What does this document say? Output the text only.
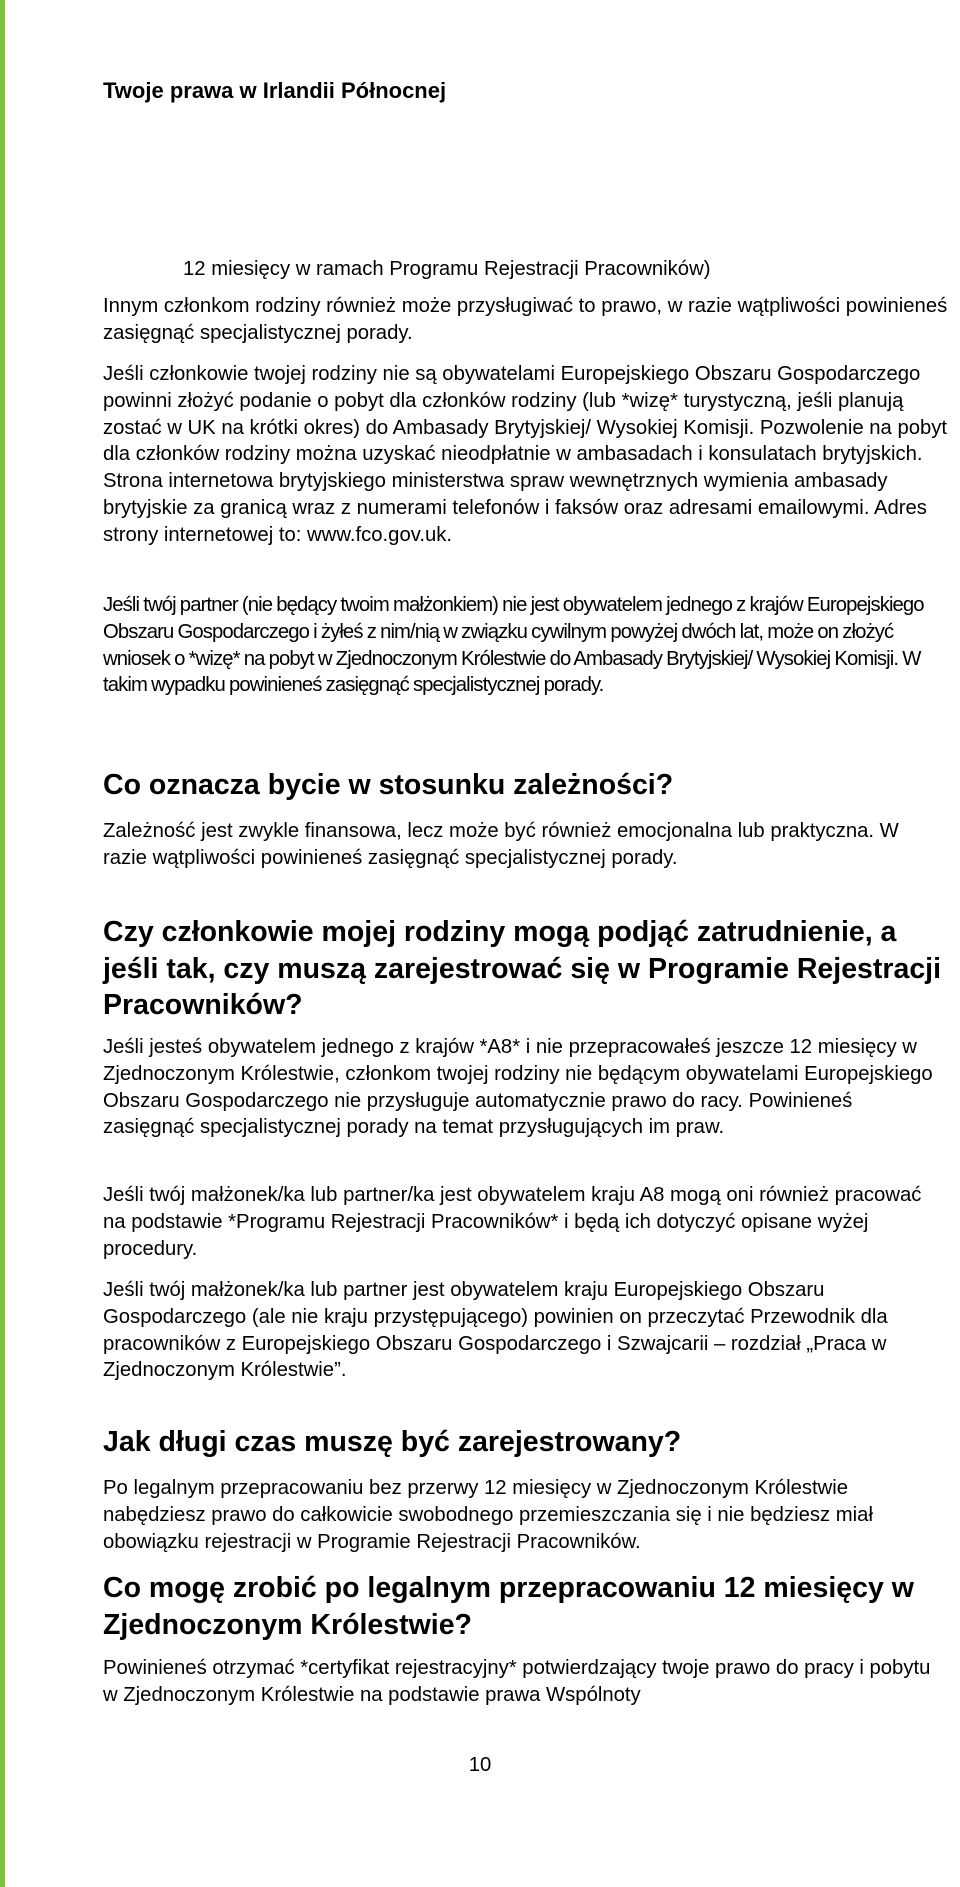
Twoje prawa w Irlandii Północnej

12 miesięcy w ramach Programu Rejestracji Pracowników)

Innym członkom rodziny również może przysługiwać to prawo, w razie wątpliwości powinieneś zasięgnąć specjalistycznej porady.

Jeśli członkowie twojej rodziny nie są obywatelami Europejskiego Obszaru Gospodarczego powinni złożyć podanie o pobyt dla członków rodziny (lub *wizę* turystyczną, jeśli planują zostać w UK na krótki okres) do Ambasady Brytyjskiej/ Wysokiej Komisji. Pozwolenie na pobyt dla członków rodziny można uzyskać nieodpłatnie w ambasadach i konsulatach brytyjskich. Strona internetowa brytyjskiego ministerstwa spraw wewnętrznych wymienia ambasady brytyjskie za granicą wraz z numerami telefonów i faksów oraz adresami emailowymi. Adres strony internetowej to: www.fco.gov.uk.

Jeśli twój partner (nie będący twoim małżonkiem) nie jest obywatelem jednego z krajów Europejskiego Obszaru Gospodarczego i żyłeś z nim/nią w związku cywilnym powyżej dwóch lat, może on złożyć wniosek o *wizę* na pobyt w Zjednoczonym Królestwie do Ambasady Brytyjskiej/ Wysokiej Komisji. W takim wypadku powinieneś zasięgnąć specjalistycznej porady.

Co oznacza bycie w stosunku zależności?

Zależność jest zwykle finansowa, lecz może być również emocjonalna lub praktyczna. W razie wątpliwości powinieneś zasięgnąć specjalistycznej porady.

Czy członkowie mojej rodziny mogą podjąć zatrudnienie, a jeśli tak, czy muszą zarejestrować się w Programie Rejestracji Pracowników?

Jeśli jesteś obywatelem jednego z krajów *A8* i nie przepracowałeś jeszcze 12 miesięcy w Zjednoczonym Królestwie, członkom twojej rodziny nie będącym obywatelami Europejskiego Obszaru Gospodarczego nie przysługuje automatycznie prawo do racy. Powinieneś zasięgnąć specjalistycznej porady na temat przysługujących im praw.

Jeśli twój małżonek/ka lub partner/ka jest obywatelem kraju A8 mogą oni również pracować na podstawie *Programu Rejestracji Pracowników* i będą ich dotyczyć opisane wyżej procedury.

Jeśli twój małżonek/ka lub partner jest obywatelem kraju Europejskiego Obszaru Gospodarczego (ale nie kraju przystępującego) powinien on przeczytać Przewodnik dla pracowników z Europejskiego Obszaru Gospodarczego i Szwajcarii – rozdział „Praca w Zjednoczonym Królestwie”.

Jak długi czas muszę być zarejestrowany?

Po legalnym przepracowaniu bez przerwy 12 miesięcy w Zjednoczonym Królestwie nabędziesz prawo do całkowicie swobodnego przemieszczania się i nie będziesz miał obowiązku rejestracji w Programie Rejestracji Pracowników.

Co mogę zrobić po legalnym przepracowaniu 12 miesięcy w Zjednoczonym Królestwie?

Powinieneś otrzymać *certyfikat rejestracyjny* potwierdzający twoje prawo do pracy i pobytu w Zjednoczonym Królestwie na podstawie prawa Wspólnoty

10
